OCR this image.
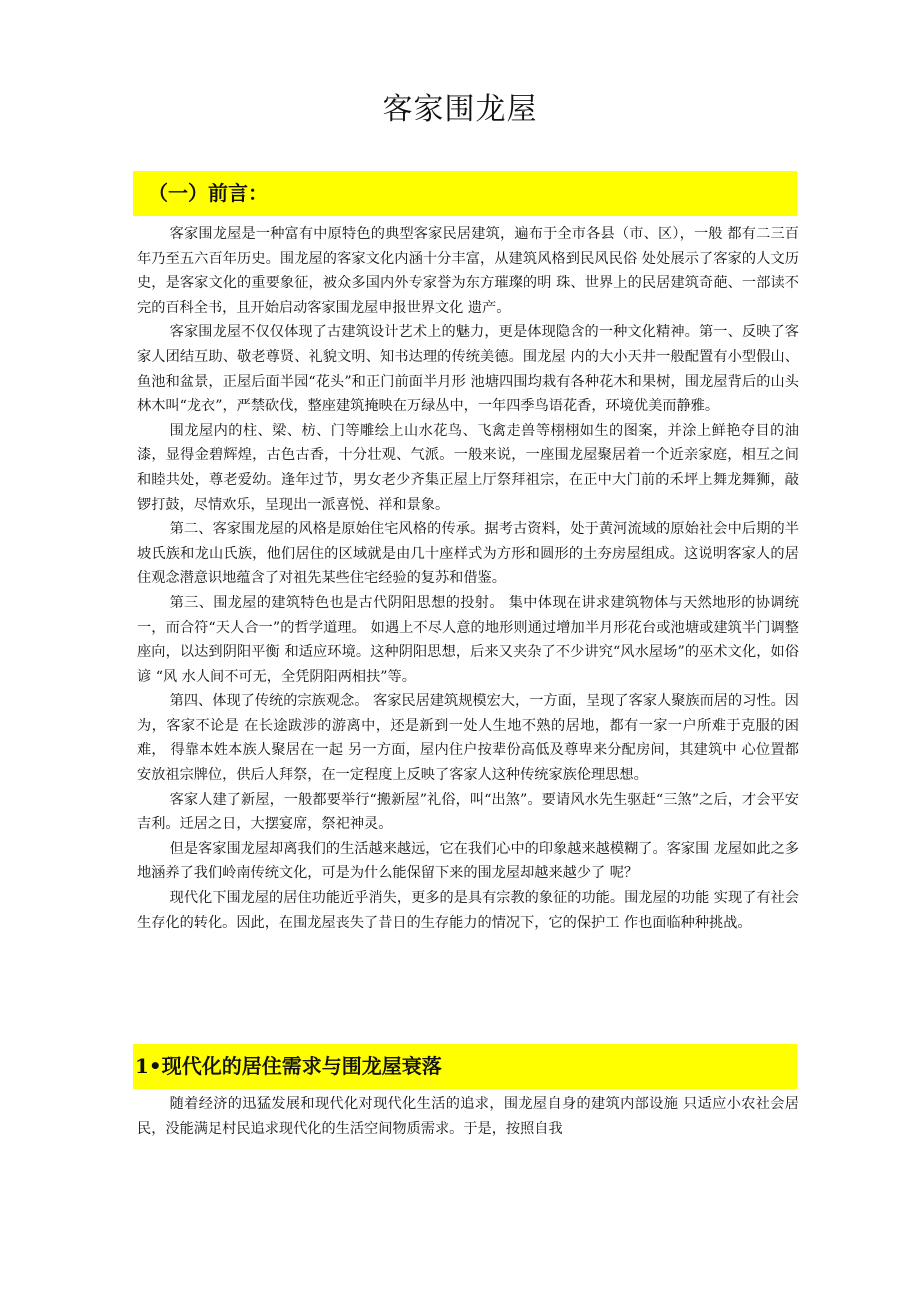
客家围龙屋
（一）前言：

客家围龙屋是一种富有中原特色的典型客家民居建筑，遍布于全市各县（市、区），一般 都有二三百年乃至五六百年历史。围龙屋的客家文化内涵十分丰富，从建筑风格到民风民俗 处处展示了客家的人文历史，是客家文化的重要象征，被众多国内外专家誉为东方璀璨的明 珠、世界上的民居建筑奇葩、一部读不完的百科全书，且开始启动客家围龙屋申报世界文化 遗产。

客家围龙屋不仅仅体现了古建筑设计艺术上的魅力，更是体现隐含的一种文化精神。第一、反映了客家人团结互助、敬老尊贤、礼貌文明、知书达理的传统美德。围龙屋 内的大小天井一般配置有小型假山、鱼池和盆景，正屋后面半园“花头”和正门前面半月形 池塘四围均栽有各种花木和果树，围龙屋背后的山头林木叫“龙衣”，严禁砍伐，整座建筑掩映在万绿丛中，一年四季鸟语花香，环境优美而静雅。

围龙屋内的柱、梁、枋、门等雕绘上山水花鸟、飞禽走兽等栩栩如生的图案，并涂上鲜艳夺目的油漆，显得金碧辉煌，古色古香，十分壮观、气派。一般来说，一座围龙屋聚居着一个近亲家庭，相互之间和睦共处，尊老爱幼。逢年过节，男女老少齐集正屋上厅祭拜祖宗，在正中大门前的禾坪上舞龙舞狮，敲锣打鼓，尽情欢乐，呈现出一派喜悦、祥和景象。

第二、客家围龙屋的风格是原始住宅风格的传承。据考古资料，处于黄河流域的原始社会中后期的半坡氏族和龙山氏族，他们居住的区域就是由几十座样式为方形和圆形的土夯房屋组成。这说明客家人的居住观念潜意识地蕴含了对祖先某些住宅经验的复苏和借鉴。

第三、围龙屋的建筑特色也是古代阴阳思想的投射。 集中体现在讲求建筑物体与天然地形的协调统一，而合符“天人合一”的哲学道理。 如遇上不尽人意的地形则通过增加半月形花台或池塘或建筑半门调整座向，以达到阴阳平衡 和适应环境。这种阴阳思想，后来又夹杂了不少讲究“风水屋场”的巫术文化，如俗谚 “风 水人间不可无，全凭阴阳两相扶”等。

第四、体现了传统的宗族观念。 客家民居建筑规模宏大，一方面，呈现了客家人聚族而居的习性。因为，客家不论是 在长途跋涉的游离中，还是新到一处人生地不熟的居地，都有一家一户所难于克服的困难， 得靠本姓本族人聚居在一起 另一方面，屋内住户按辈份高低及尊卑来分配房间，其建筑中 心位置都安放祖宗牌位，供后人拜祭，在一定程度上反映了客家人这种传统家族伦理思想。

客家人建了新屋，一般都要举行“搬新屋”礼俗，叫“出煞”。要请风水先生驱赶“三煞”之后，才会平安吉利。迁居之日，大摆宴席，祭祀神灵。

但是客家围龙屋却离我们的生活越来越远，它在我们心中的印象越来越模糊了。客家围 龙屋如此之多地涵养了我们岭南传统文化，可是为什么能保留下来的围龙屋却越来越少了 呢？

现代化下围龙屋的居住功能近乎消失，更多的是具有宗教的象征的功能。围龙屋的功能 实现了有社会生存化的转化。因此，在围龙屋丧失了昔日的生存能力的情况下，它的保护工 作也面临种种挑战。

1•现代化的居住需求与围龙屋衰落

随着经济的迅猛发展和现代化对现代化生活的追求，围龙屋自身的建筑内部设施 只适应小农社会居民，没能满足村民追求现代化的生活空间物质需求。于是，按照自我
